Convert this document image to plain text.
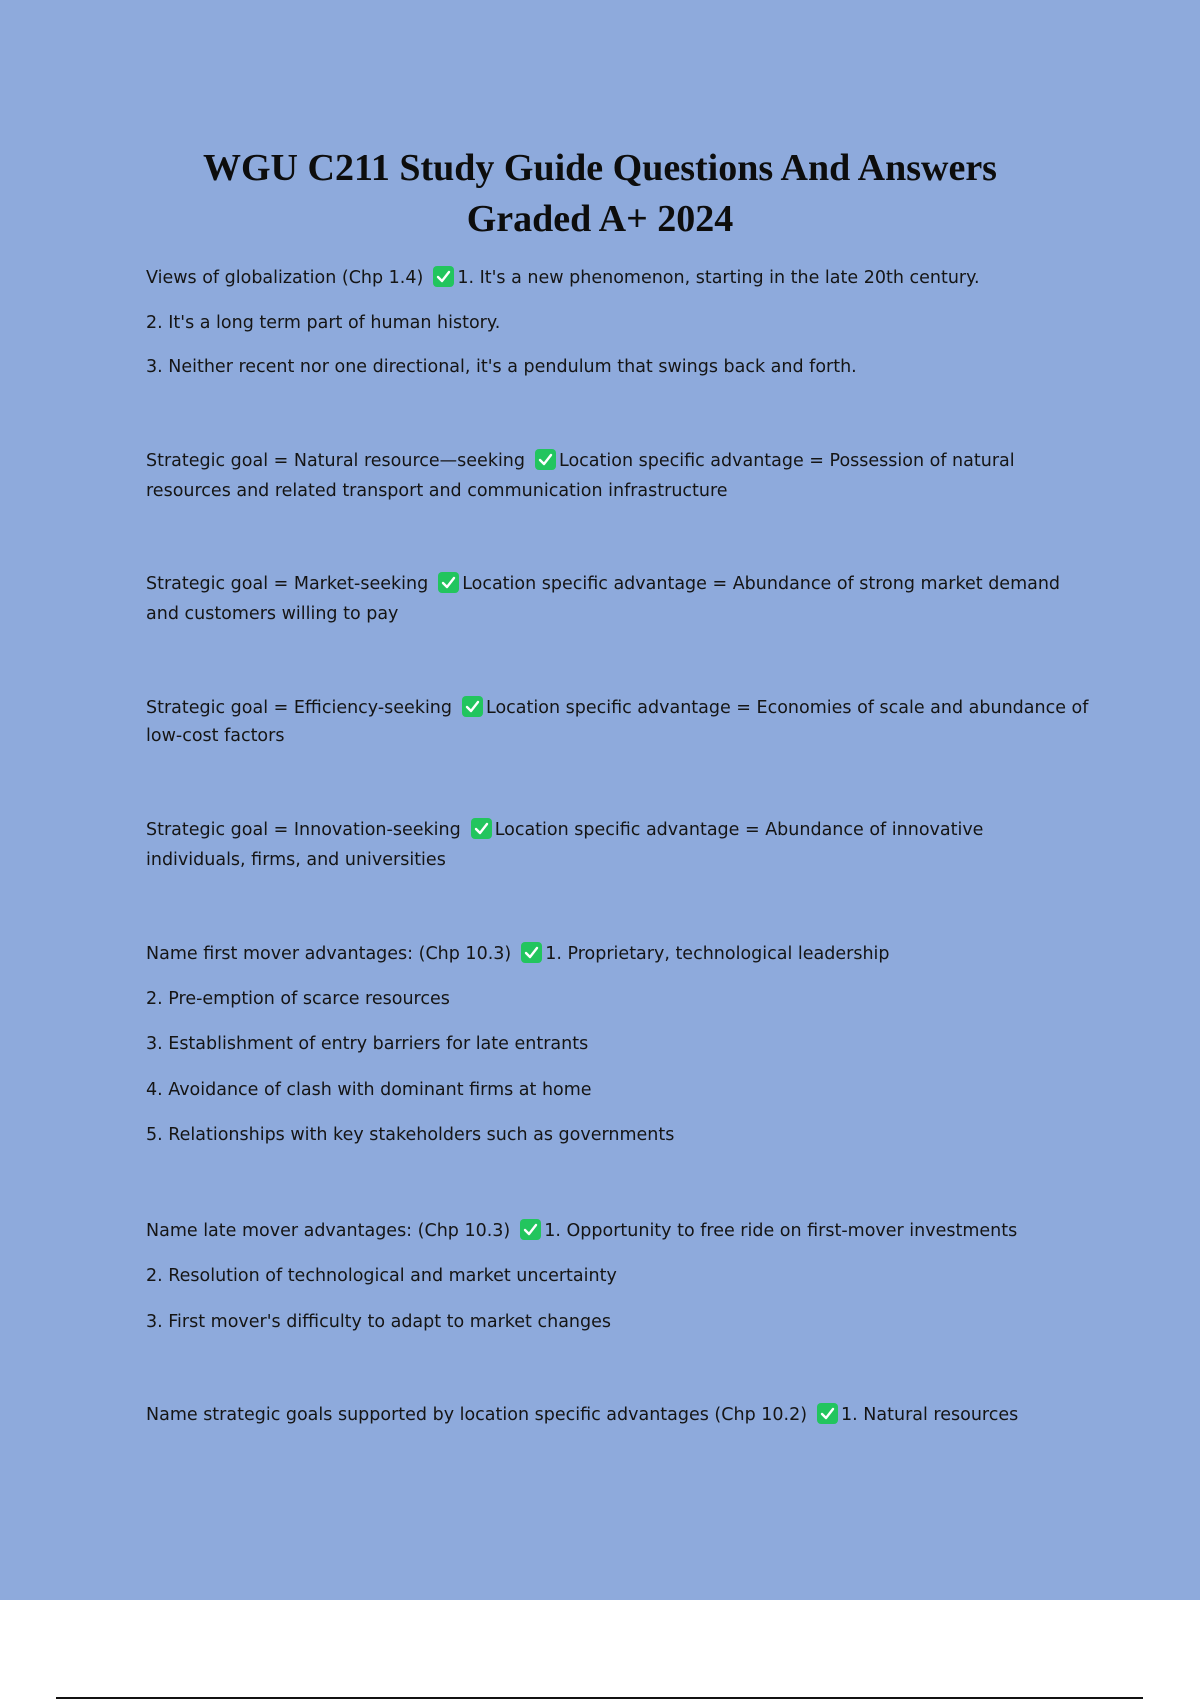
WGU C211 Study Guide Questions And Answers
Graded A+ 2024
Views of globalization (Chp 1.4) 1. It's a new phenomenon, starting in the late 20th century.
2. It's a long term part of human history.
3. Neither recent nor one directional, it's a pendulum that swings back and forth.
Strategic goal = Natural resource—seeking Location specific advantage = Possession of natural
resources and related transport and communication infrastructure
Strategic goal = Market-seeking Location specific advantage = Abundance of strong market demand
and customers willing to pay
Strategic goal = Efficiency-seeking Location specific advantage = Economies of scale and abundance of
low-cost factors
Strategic goal = Innovation-seeking Location specific advantage = Abundance of innovative
individuals, firms, and universities
Name first mover advantages: (Chp 10.3) 1. Proprietary, technological leadership
2. Pre-emption of scarce resources
3. Establishment of entry barriers for late entrants
4. Avoidance of clash with dominant firms at home
5. Relationships with key stakeholders such as governments
Name late mover advantages: (Chp 10.3) 1. Opportunity to free ride on first-mover investments
2. Resolution of technological and market uncertainty
3. First mover's difficulty to adapt to market changes
Name strategic goals supported by location specific advantages (Chp 10.2) 1. Natural resources
